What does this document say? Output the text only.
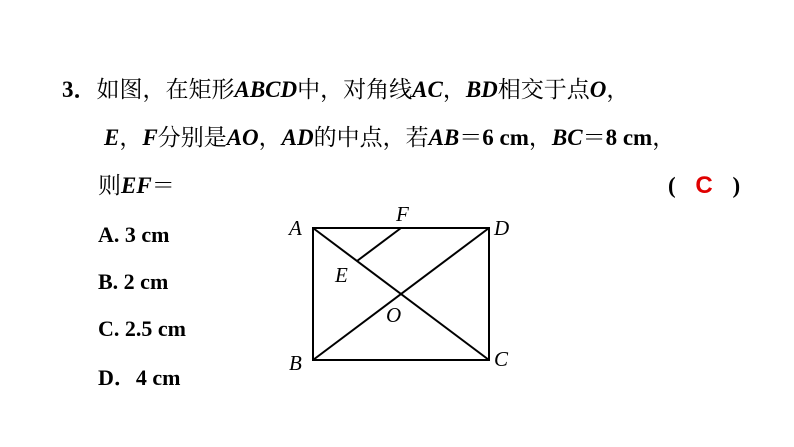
3．如图，在矩形ABCD中，对角线AC，BD相交于点O，
E，F分别是AO，AD的中点，若AB＝6 cm，BC＝8 cm，
则EF＝	( C )
A. 3 cm
B. 2 cm
C. 2.5 cm
D．4 cm
A	D
B	C
F
E
O
